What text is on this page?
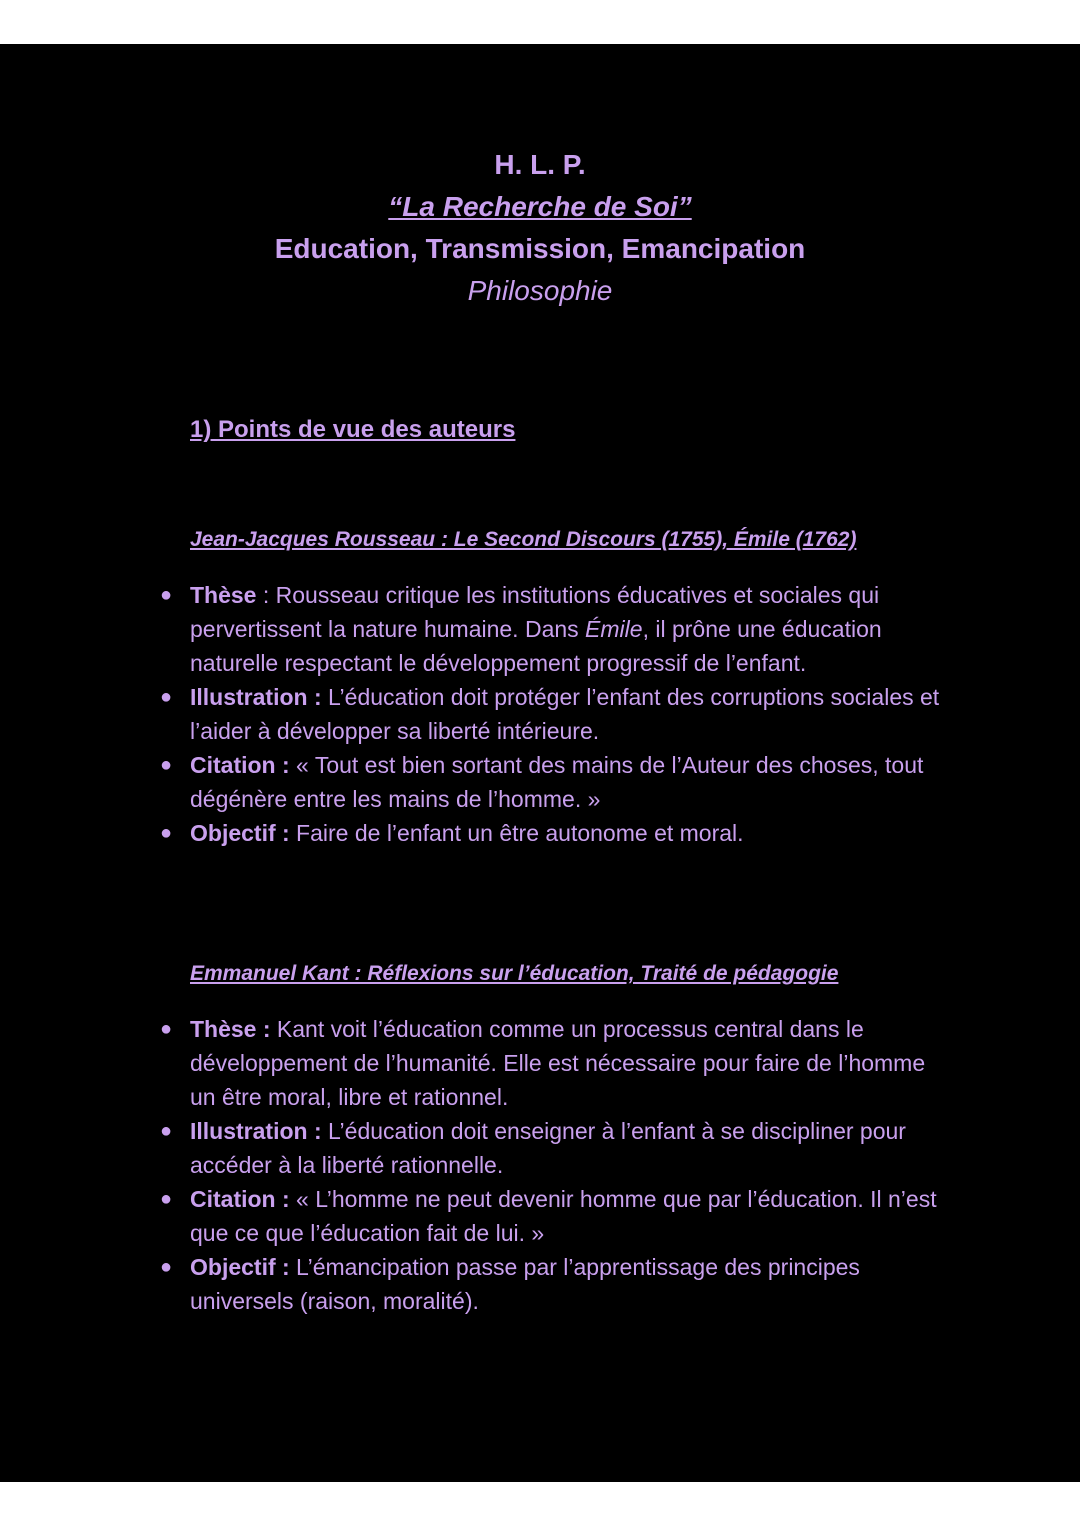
H. L. P.
“La Recherche de Soi”
Education, Transmission, Emancipation
Philosophie
1) Points de vue des auteurs
Jean-Jacques Rousseau : Le Second Discours (1755), Émile (1762)
● Thèse : Rousseau critique les institutions éducatives et sociales qui pervertissent la nature humaine. Dans Émile, il prône une éducation naturelle respectant le développement progressif de l’enfant.
● Illustration : L’éducation doit protéger l’enfant des corruptions sociales et l’aider à développer sa liberté intérieure.
● Citation : « Tout est bien sortant des mains de l’Auteur des choses, tout dégénère entre les mains de l’homme. »
● Objectif : Faire de l’enfant un être autonome et moral.
Emmanuel Kant : Réflexions sur l’éducation, Traité de pédagogie
● Thèse : Kant voit l’éducation comme un processus central dans le développement de l’humanité. Elle est nécessaire pour faire de l’homme un être moral, libre et rationnel.
● Illustration : L’éducation doit enseigner à l’enfant à se discipliner pour accéder à la liberté rationnelle.
● Citation : « L’homme ne peut devenir homme que par l’éducation. Il n’est que ce que l’éducation fait de lui. »
● Objectif : L’émancipation passe par l’apprentissage des principes universels (raison, moralité).
